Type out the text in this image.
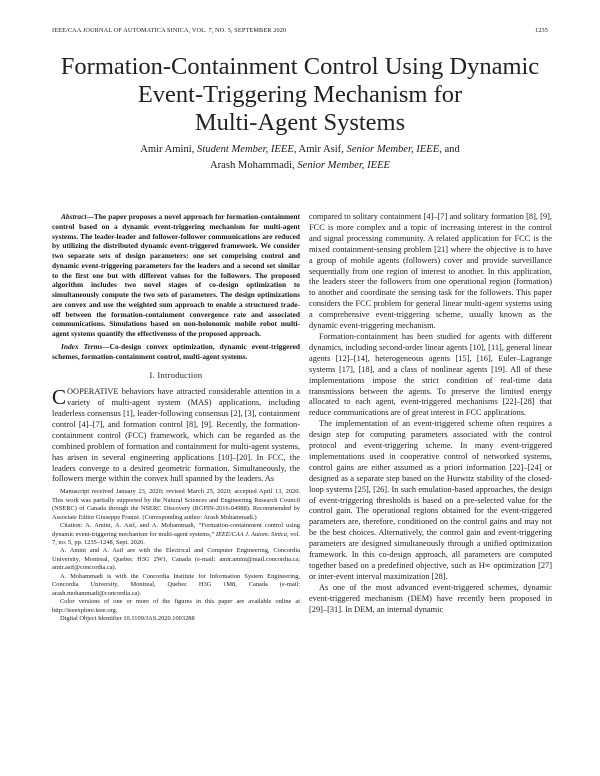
IEEE/CAA JOURNAL OF AUTOMATICA SINICA, VOL. 7, NO. 5, SEPTEMBER 2020	1235
Formation-Containment Control Using Dynamic
Event-Triggering Mechanism for
Multi-Agent Systems
Amir Amini, Student Member, IEEE, Amir Asif, Senior Member, IEEE, and
Arash Mohammadi, Senior Member, IEEE

Abstract—The paper proposes a novel approach for formation-containment control based on a dynamic event-triggering mechanism for multi-agent systems. The leader-leader and follower-follower communications are reduced by utilizing the distributed dynamic event-triggered framework. We consider two separate sets of design parameters: one set comprising control and dynamic event-triggering parameters for the leaders and a second set similar to the first one but with different values for the followers. The proposed algorithm includes two novel stages of co-design optimization to simultaneously compute the two sets of parameters. The design optimizations are convex and use the weighted sum approach to enable a structured trade-off between the formation-containment convergence rate and associated communications. Simulations based on non-holonomic mobile robot multi-agent systems quantify the effectiveness of the proposed approach.

Index Terms—Co-design convex optimization, dynamic event-triggered schemes, formation-containment control, multi-agent systems.

I. Introduction

COOPERATIVE behaviors have attracted considerable attention in a variety of multi-agent system (MAS) applications, including leaderless consensus [1], leader-following consensus [2], [3], containment control [4]–[7], and formation control [8], [9]. Recently, the formation-containment control (FCC) framework, which can be regarded as the combined problem of formation and containment for multi-agent systems, has arisen in several engineering applications [10]–[20]. In FCC, the leaders converge to a desired geometric formation. Simultaneously, the followers merge within the convex hull spanned by the leaders. As

Manuscript received January 23, 2020; revised March 25, 2020; accepted April 13, 2020. This work was partially supported by the Natural Sciences and Engineering Research Council (NSERC) of Canada through the NSERC Discovery (RGPIN-2016-04988). Recommended by Associate Editor Giuseppe Franzè. (Corresponding author: Arash Mohammadi.)

Citation: A. Amini, A. Asif, and A. Mohammadi, “Formation-containment control using dynamic event-triggering mechanism for multi-agent systems,” IEEE/CAA J. Autom. Sinica, vol. 7, no. 5, pp. 1235–1248, Sept. 2020.

A. Amini and A. Asif are with the Electrical and Computer Engineering, Concordia University, Montreal, Quebec H3G 2W1, Canada (e-mail: amir.amini@mail.concordia.ca; amir.asif@concordia.ca).

A. Mohammadi is with the Concordia Institute for Information System Engineering, Concordia University, Montreal, Quebec H3G 1M8, Canada (e-mail: arash.mohammadi@concordia.ca).

Color versions of one or more of the figures in this paper are available online at http://ieeexplore.ieee.org.

Digital Object Identifier 10.1109/JAS.2020.1003288

compared to solitary containment [4]–[7] and solitary formation [8], [9], FCC is more complex and a topic of increasing interest in the control and signal processing community. A related application for FCC is the mixed containment-sensing problem [21] where the objective is to have a group of mobile agents (followers) cover and provide surveillance sequentially from one region of interest to another. In this application, the leaders steer the followers from one operational region (formation) to another and coordinate the sensing task for the followers. This paper considers the FCC problem for general linear multi-agent systems using a comprehensive event-triggering scheme, usually known as the dynamic event-triggering mechanism.

Formation-containment has been studied for agents with different dynamics, including second-order linear agents [10], [11], general linear agents [12]–[14], heterogeneous agents [15], [16], Euler–Lagrange systems [17], [18], and a class of nonlinear agents [19]. All of these implementations impose the strict condition of real-time data transmissions between the agents. To preserve the limited energy allocated to each agent, event-triggered mechanisms [22]–[28] that reduce communications are of great interest in FCC applications.

The implementation of an event-triggered scheme often requires a design step for computing parameters associated with the control protocol and event-triggering scheme. In many event-triggered implementations used in cooperative control of networked systems, control gains are either assumed as a priori information [22]–[24] or designed as a separate step based on the Hurwitz stability of the closed-loop systems [25], [26]. In such emulation-based approaches, the design of event-triggering thresholds is based on a pre-selected value for the control gain. The operational regions obtained for the event-triggered parameters are, therefore, conditioned on the control gains and may not be the best choices. Alternatively, the control gain and event-triggering parameters are designed simultaneously through a unified optimization framework. In this co-design approach, all parameters are computed together based on a predefined objective, such as H∞ optimization [27] or inter-event interval maximization [28].

As one of the most advanced event-triggered schemes, dynamic event-triggered mechanism (DEM) have recently been proposed in [29]–[31]. In DEM, an internal dynamic
